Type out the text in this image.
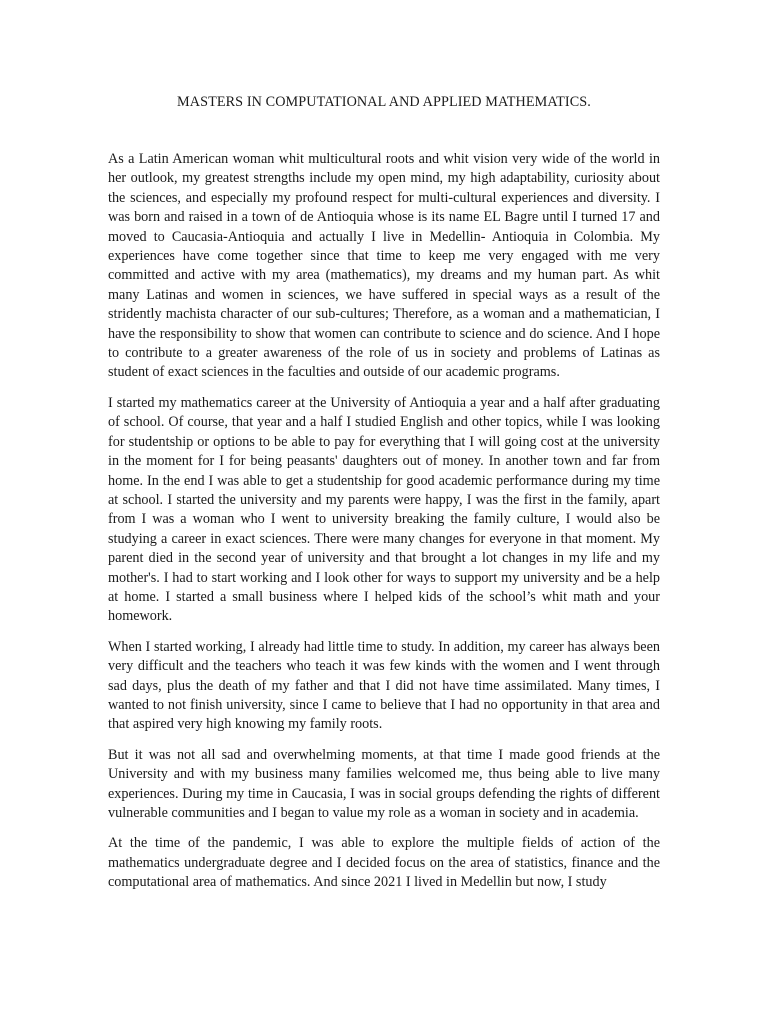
MASTERS IN COMPUTATIONAL AND APPLIED MATHEMATICS.

As a Latin American woman whit multicultural roots and whit vision very wide of the world in her outlook, my greatest strengths include my open mind, my high adaptability, curiosity about the sciences, and especially my profound respect for multi-cultural experiences and diversity. I was born and raised in a town of de Antioquia whose is its name EL Bagre until I turned 17 and moved to Caucasia-Antioquia and actually I live in Medellin- Antioquia in Colombia. My experiences have come together since that time to keep me very engaged with me very committed and active with my area (mathematics), my dreams and my human part. As whit many Latinas and women in sciences, we have suffered in special ways as a result of the stridently machista character of our sub-cultures; Therefore, as a woman and a mathematician, I have the responsibility to show that women can contribute to science and do science. And I hope to contribute to a greater awareness of the role of us in society and problems of Latinas as student of exact sciences in the faculties and outside of our academic programs.

I started my mathematics career at the University of Antioquia a year and a half after graduating of school. Of course, that year and a half I studied English and other topics, while I was looking for studentship or options to be able to pay for everything that I will going cost at the university in the moment for I for being peasants' daughters out of money. In another town and far from home. In the end I was able to get a studentship for good academic performance during my time at school. I started the university and my parents were happy, I was the first in the family, apart from I was a woman who I went to university breaking the family culture, I would also be studying a career in exact sciences. There were many changes for everyone in that moment. My parent died in the second year of university and that brought a lot changes in my life and my mother's. I had to start working and I look other for ways to support my university and be a help at home. I started a small business where I helped kids of the school’s whit math and your homework.

When I started working, I already had little time to study. In addition, my career has always been very difficult and the teachers who teach it was few kinds with the women and I went through sad days, plus the death of my father and that I did not have time assimilated. Many times, I wanted to not finish university, since I came to believe that I had no opportunity in that area and that aspired very high knowing my family roots.

But it was not all sad and overwhelming moments, at that time I made good friends at the University and with my business many families welcomed me, thus being able to live many experiences. During my time in Caucasia, I was in social groups defending the rights of different vulnerable communities and I began to value my role as a woman in society and in academia.

At the time of the pandemic, I was able to explore the multiple fields of action of the mathematics undergraduate degree and I decided focus on the area of statistics, finance and the computational area of mathematics. And since 2021 I lived in Medellin but now, I study
